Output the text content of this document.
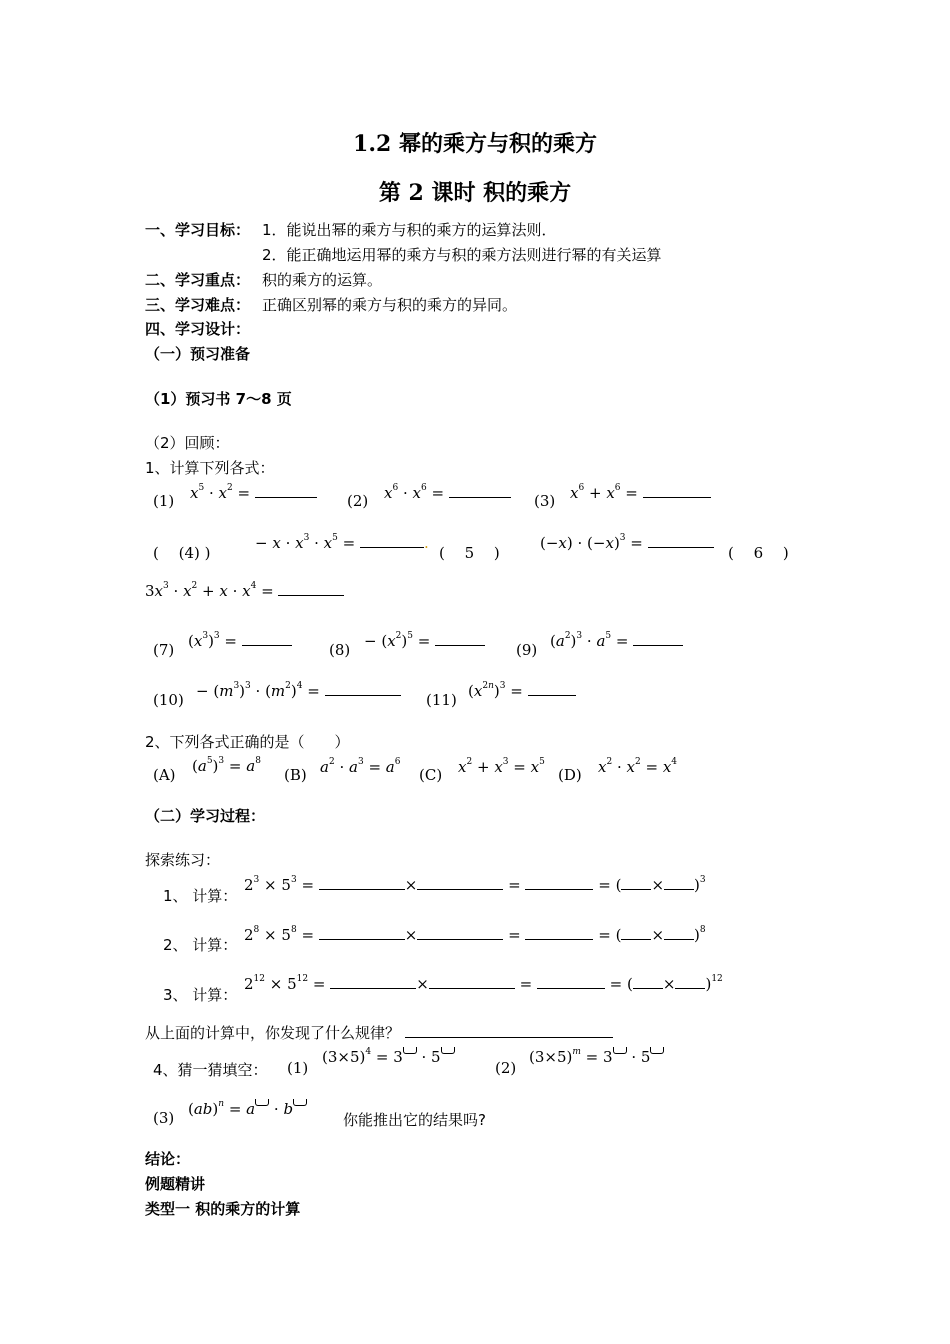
1.2 幂的乘方与积的乘方
第 2 课时 积的乘方
一、学习目标： 1．能说出幂的乘方与积的乘方的运算法则．
2．能正确地运用幂的乘方与积的乘方法则进行幂的有关运算
二、学习重点： 积的乘方的运算。
三、学习难点： 正确区别幂的乘方与积的乘方的异同。
四、学习设计：
（一）预习准备
（1）预习书 7～8 页
（2）回顾：
1、计算下列各式：
(1) $x^5 \cdot x^2$ =	(2) $x^6 \cdot x^6$ =	(3) $x^6 + x^6$ =
(　 (4) )
− $x \cdot x^3 \cdot x^5$ =	.
(　 5 　)
$(-x) \cdot (-x)^3$ =
(　 6 　)
$3x^3 \cdot x^2 + x \cdot x^4$ =
(7) $(x^3)^3$ =	$(8) - (x^2)^5$ =	(9) $(a^2)^3 \cdot a^5$ =
$(10) - (m^3)^3 \cdot (m^2)^4$ =	(11) $(x^{2n})^3$ =
2、下列各式正确的是（　　）
(A) $(a^5)^3 = a^8$
(B) $a^2 \cdot a^3 = a^6$
(C) $x^2 + x^3 = x^5$
(D) $x^2 \cdot x^2 = x^4$
（二）学习过程：
探索练习：
1、 计算：
$2^3 \times 5^3$ =	×	=	= ( × )$^3$
2、 计算：
$2^8 \times 5^8$ =	×	=	= ( × )$^8$
3、 计算：
$2^{12} \times 5^{12}$ =	×	=	= ( × )$^{12}$
从上面的计算中，你发现了什么规律？
4、猜一猜填空： (1)
$(3\times 5)^4 = 3 \cdot 5$
(2)
$(3\times 5)^m = 3 \cdot 5$
(3) (ab)$^n$ = a · b
你能推出它的结果吗?
结论：
例题精讲
类型一 积的乘方的计算
